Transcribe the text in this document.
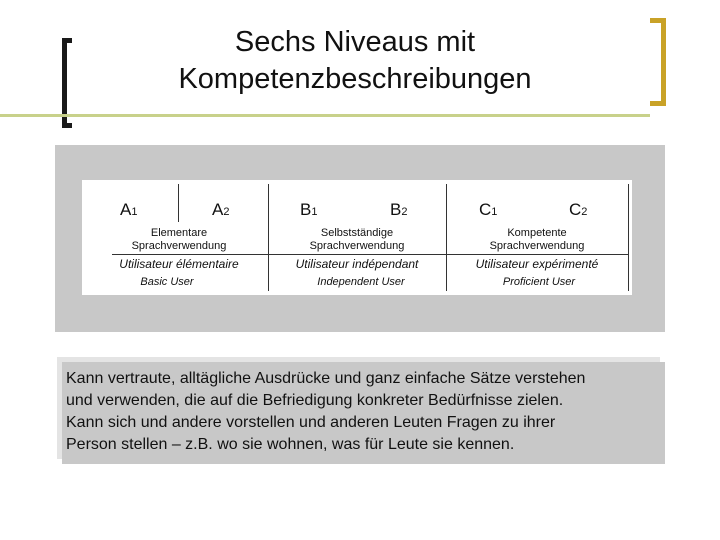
Sechs Niveaus mit
Kompetenzbeschreibungen
A1	A2	B1	B2	C1	C2
Elementare
Sprachverwendung
Selbstständige
Sprachverwendung
Kompetente
Sprachverwendung
Utilisateur élémentaire	Utilisateur indépendant	Utilisateur expérimenté
Basic User	Independent User	Proficient User
Kann vertraute, alltägliche Ausdrücke und ganz einfache Sätze verstehen
und verwenden, die auf die Befriedigung konkreter Bedürfnisse zielen.
Kann sich und andere vorstellen und anderen Leuten Fragen zu ihrer
Person stellen – z.B. wo sie wohnen, was für Leute sie kennen.
